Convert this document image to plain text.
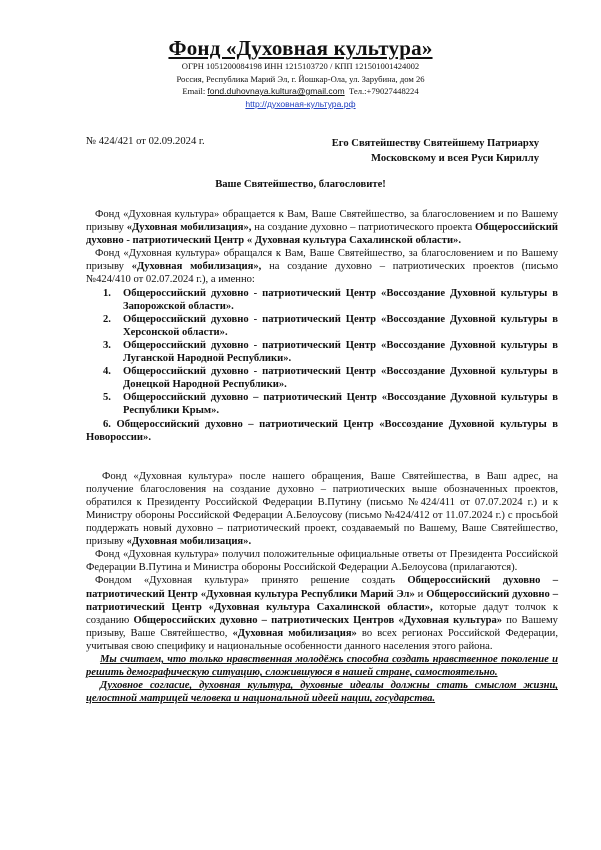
Фонд «Духовная культура»
ОГРН 1051200084198 ИНН 1215103720 / КПП 121501001424002
Россия, Республика Марий Эл, г. Йошкар-Ола, ул. Зарубина, дом 26
Email: fond.duhovnaya.kultura@gmail.com Тел.:+79027448224
http://духовная-культура.рф
№ 424/421 от 02.09.2024 г.	Его Святейшеству Святейшему Патриарху
Московскому и всея Руси Кириллу
Ваше Святейшество, благословите!

Фонд «Духовная культура» обращается к Вам, Ваше Святейшество, за благословением и по Вашему призыву «Духовная мобилизация», на создание духовно – патриотического проекта Общероссийский духовно - патриотический Центр « Духовная культура Сахалинской области».

Фонд «Духовная культура» обращался к Вам, Ваше Святейшество, за благословением и по Вашему призыву «Духовная мобилизация», на создание духовно – патриотических проектов (письмо №424/410 от 02.07.2024 г.), а именно:

1. Общероссийский духовно - патриотический Центр «Воссоздание Духовной культуры в Запорожской области».
2. Общероссийский духовно - патриотический Центр «Воссоздание Духовной культуры в Херсонской области».
3. Общероссийский духовно - патриотический Центр «Воссоздание Духовной культуры в Луганской Народной Республики».
4. Общероссийский духовно - патриотический Центр «Воссоздание Духовной культуры в Донецкой Народной Республики».
5. Общероссийский духовно – патриотический Центр «Воссоздание Духовной культуры в Республики Крым».
6. Общероссийский духовно – патриотический Центр «Воссоздание Духовной культуры в Новороссии».

Фонд «Духовная культура» после нашего обращения, Ваше Святейшества, в Ваш адрес, на получение благословения на создание духовно – патриотических выше обозначенных проектов, обратился к Президенту Российской Федерации В.Путину (письмо №424/411 от 07.07.2024 г.) и к Министру обороны Российской Федерации А.Белоусову (письмо №424/412 от 11.07.2024 г.) с просьбой поддержать новый духовно – патриотический проект, создаваемый по Вашему, Ваше Святейшество, призыву «Духовная мобилизация».

Фонд «Духовная культура» получил положительные официальные ответы от Президента Российской Федерации В.Путина и Министра обороны Российской Федерации А.Белоусова (прилагаются).

Фондом «Духовная культура» принято решение создать Общероссийский духовно – патриотический Центр «Духовная культура Республики Марий Эл» и Общероссийский духовно – патриотический Центр «Духовная культура Сахалинской области», которые дадут толчок к созданию Общероссийских духовно – патриотических Центров «Духовная культура» по Вашему призыву, Ваше Святейшество, «Духовная мобилизация» во всех регионах Российской Федерации, учитывая свою специфику и национальные особенности данного населения этого района.

Мы считаем, что только нравственная молодёжь способна создать нравственное поколение и решить демографическую ситуацию, сложившуюся в нашей стране, самостоятельно.

Духовное согласие, духовная культура, духовные идеалы должны стать смыслом жизни, целостной матрицей человека и национальной идеей нации, государства.
